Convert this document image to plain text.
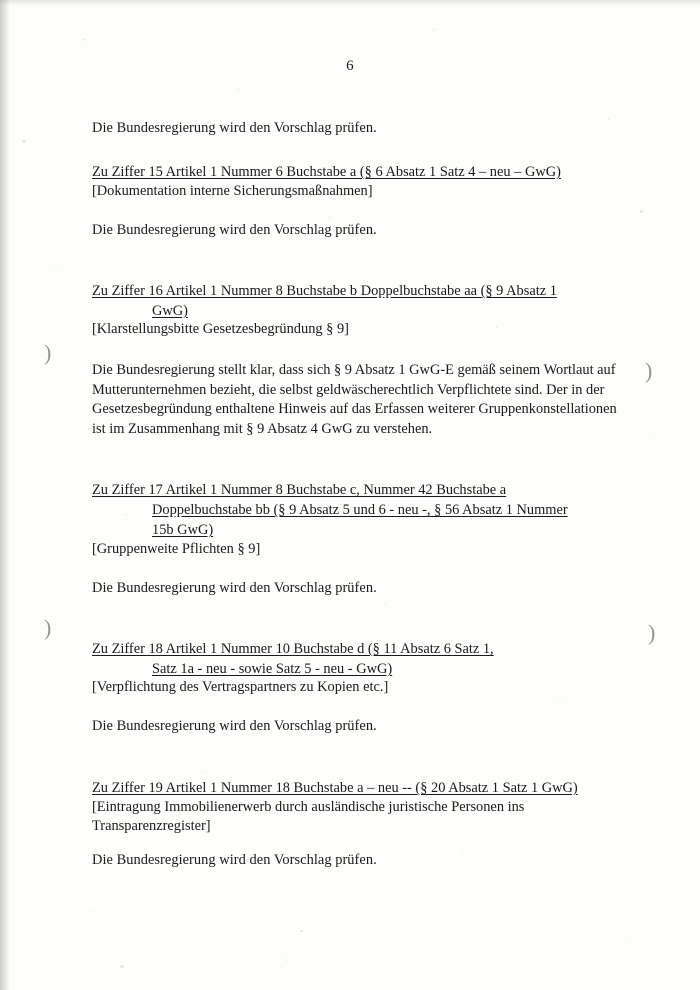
6
)
)
)
)
Die Bundesregierung wird den Vorschlag prüfen.
Zu Ziffer 15 Artikel 1 Nummer 6 Buchstabe a (§ 6 Absatz 1 Satz 4 – neu – GwG)
[Dokumentation interne Sicherungsmaßnahmen]
Die Bundesregierung wird den Vorschlag prüfen.
Zu Ziffer 16 Artikel 1 Nummer 8 Buchstabe b Doppelbuchstabe aa (§ 9 Absatz 1
GwG)
[Klarstellungsbitte Gesetzesbegründung § 9]
Die Bundesregierung stellt klar, dass sich § 9 Absatz 1 GwG-E gemäß seinem Wortlaut auf Mutterunternehmen bezieht, die selbst geldwäscherechtlich Verpflichtete sind. Der in der Gesetzesbegründung enthaltene Hinweis auf das Erfassen weiterer Gruppenkonstellationen ist im Zusammenhang mit § 9 Absatz 4 GwG zu verstehen.
Zu Ziffer 17 Artikel 1 Nummer 8 Buchstabe c, Nummer 42 Buchstabe a
Doppelbuchstabe bb (§ 9 Absatz 5 und 6 - neu -, § 56 Absatz 1 Nummer
15b GwG)
[Gruppenweite Pflichten § 9]
Die Bundesregierung wird den Vorschlag prüfen.
Zu Ziffer 18 Artikel 1 Nummer 10 Buchstabe d (§ 11 Absatz 6 Satz 1,
Satz 1a - neu - sowie Satz 5 - neu - GwG)
[Verpflichtung des Vertragspartners zu Kopien etc.]
Die Bundesregierung wird den Vorschlag prüfen.
Zu Ziffer 19 Artikel 1 Nummer 18 Buchstabe a – neu -- (§ 20 Absatz 1 Satz 1 GwG)
[Eintragung Immobilienerwerb durch ausländische juristische Personen ins
Transparenzregister]
Die Bundesregierung wird den Vorschlag prüfen.
